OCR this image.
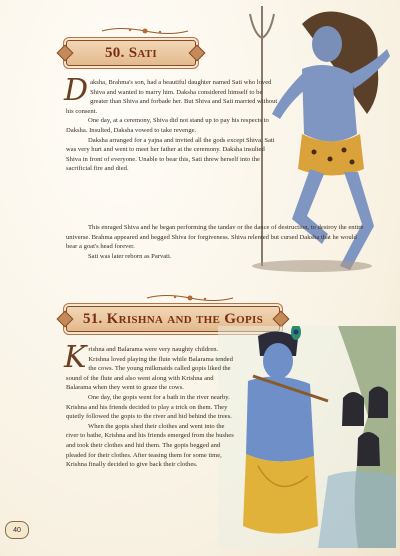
50. Sati

Daksha, Brahma's son, had a beautiful daughter named Sati who loved Shiva and wanted to marry him. Daksha considered himself to be greater than Shiva and forbade her. But Shiva and Sati married without his consent.

One day, at a ceremony, Shiva did not stand up to pay his respects to Daksha. Insulted, Daksha vowed to take revenge.

Daksha arranged for a yajna and invited all the gods except Shiva. Sati was very hurt and went to meet her father at the ceremony. Daksha insulted Shiva in front of everyone. Unable to bear this, Sati threw herself into the sacrificial fire and died.

This enraged Shiva and he began performing the tandav or the dance of destruction, to destroy the entire universe. Brahma appeared and begged Shiva for forgiveness. Shiva relented but cursed Daksha that he would bear a goat's head forever.

Sati was later reborn as Parvati.

51. Krishna and the Gopis

Krishna and Balarama were very naughty children. Krishna loved playing the flute while Balarama tended the cows. The young milkmaids called gopis liked the sound of the flute and also went along with Krishna and Balarama when they went to graze the cows.

One day, the gopis went for a bath in the river nearby. Krishna and his friends decided to play a trick on them. They quietly followed the gopis to the river and hid behind the trees.

When the gopis shed their clothes and went into the river to bathe, Krishna and his friends emerged from the bushes and took their clothes and hid them. The gopis begged and pleaded for their clothes. After teasing them for some time, Krishna finally decided to give back their clothes.

40
